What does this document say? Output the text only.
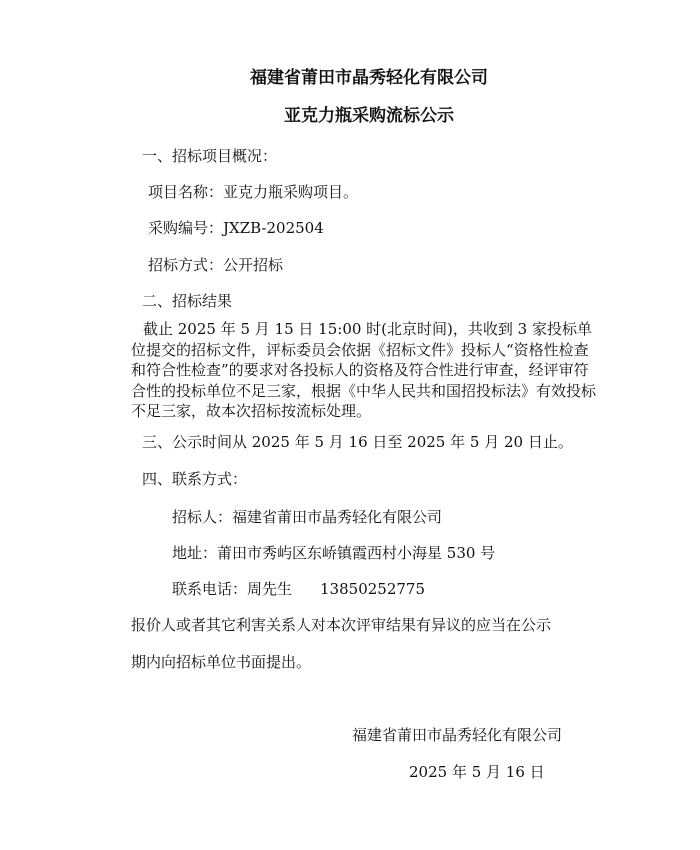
福建省莆田市晶秀轻化有限公司
亚克力瓶采购流标公示
一、招标项目概况：
项目名称：亚克力瓶采购项目。
采购编号：JXZB-202504
招标方式：公开招标
二、招标结果
截止 2025 年 5 月 15 日 15:00 时(北京时间)，共收到 3 家投标单位提交的招标文件，评标委员会依据《招标文件》投标人“资格性检查和符合性检查”的要求对各投标人的资格及符合性进行审查，经评审符合性的投标单位不足三家，根据《中华人民共和国招投标法》有效投标不足三家，故本次招标按流标处理。
三、公示时间从 2025 年 5 月 16 日至 2025 年 5 月 20 日止。
四、联系方式：
招标人：福建省莆田市晶秀轻化有限公司
地址：莆田市秀屿区东峤镇霞西村小海星 530 号
联系电话：周先生 13850252775
报价人或者其它利害关系人对本次评审结果有异议的应当在公示
期内向招标单位书面提出。
福建省莆田市晶秀轻化有限公司
2025 年 5 月 16 日
